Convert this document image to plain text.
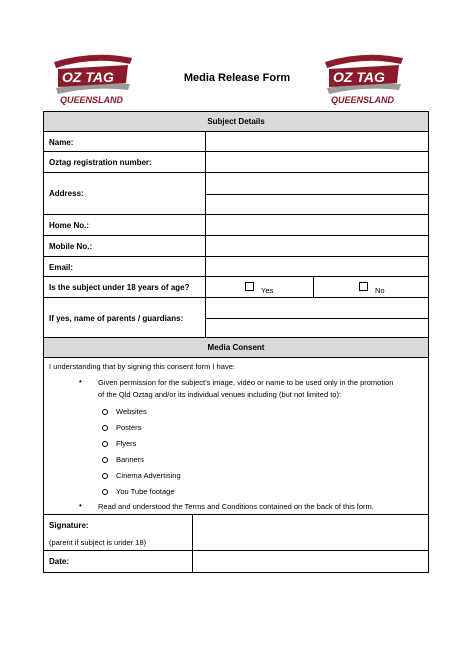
OZ TAG
QUEENSLAND
Media Release Form	OZ TAG
QUEENSLAND
Subject Details
Name:
Oztag registration number:
Address:
Home No.:
Mobile No.:
Email:
Is the subject under 18 years of age?	Yes	No
If yes, name of parents / guardians:
Media Consent
I understanding that by signing this consent form I have:
• Given permission for the subject’s image, video or name to be used only in the promotion
of the Qld Oztag and/or its individual venues including (but not limited to):
Websites
Posters
Flyers
Banners
Cinema Advertising
You Tube footage
• Read and understood the Terms and Conditions contained on the back of this form.
Signature:
(parent if subject is under 18)
Date:
